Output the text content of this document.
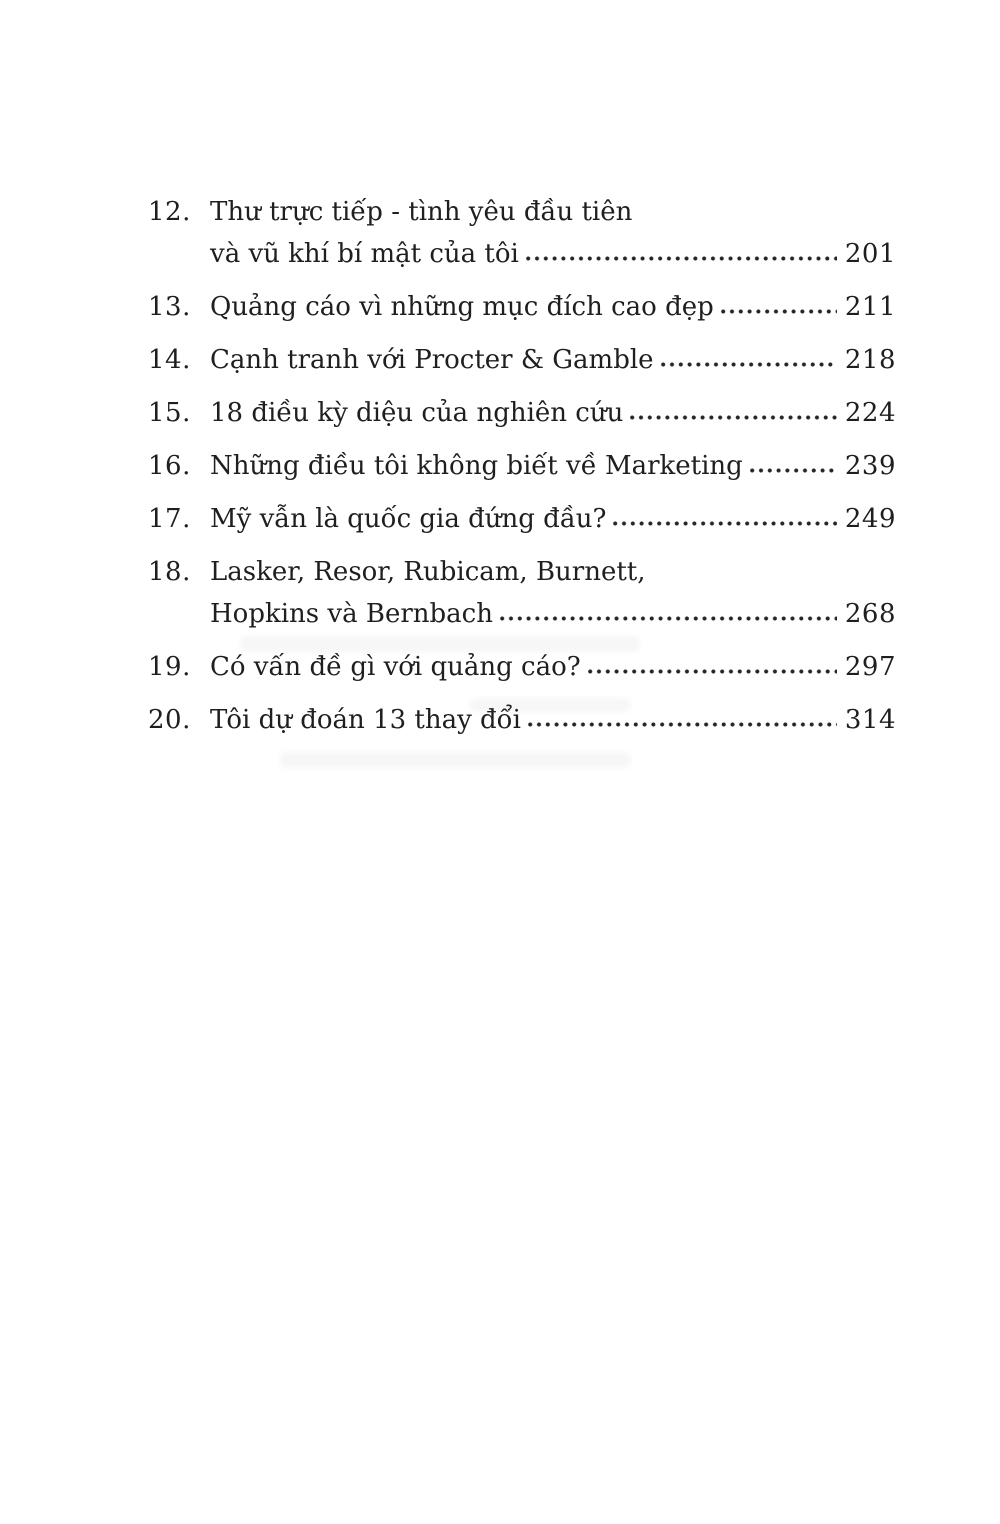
12. Thư trực tiếp - tình yêu đầu tiên
và vũ khí bí mật của tôi	201
13. Quảng cáo vì những mục đích cao đẹp	211
14. Cạnh tranh với Procter & Gamble	218
15. 18 điều kỳ diệu của nghiên cứu	224
16. Những điều tôi không biết về Marketing	239
17. Mỹ vẫn là quốc gia đứng đầu?	249
18. Lasker, Resor, Rubicam, Burnett,
Hopkins và Bernbach	268
19. Có vấn đề gì với quảng cáo?	297
20. Tôi dự đoán 13 thay đổi	314
